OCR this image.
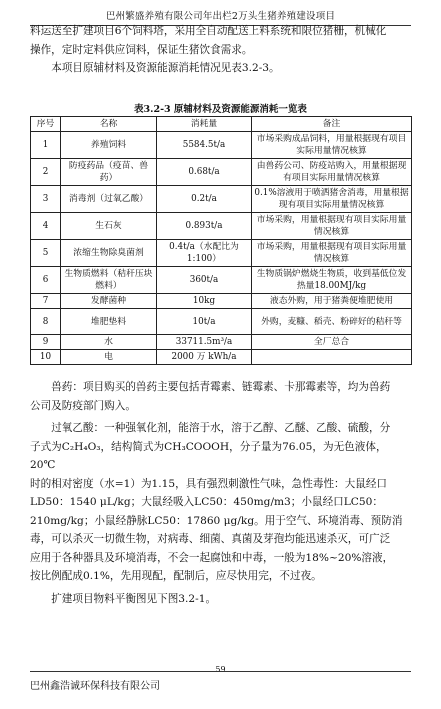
巴州繁盛养殖有限公司年出栏2万头生猪养殖建设项目

料运送至扩建项目6个饲料塔，采用全自动配送上料系统和限位猪栅，机械化

操作，定时定料供应饲料，保证生猪饮食需求。

本项目原辅材料及资源能源消耗情况见表3.2-3。

表3.2-3 原辅材料及资源能源消耗一览表
序号	名称	消耗量	备注
1	养殖饲料	5584.5t/a	市场采购成品饲料，用量根据现有项目实际用量情况核算
2	防疫药品（疫苗、兽药）	0.68t/a	由兽药公司、防疫站购入，用量根据现有项目实际用量情况核算
3	消毒剂（过氧乙酸）	0.2t/a	0.1%溶液用于喷洒猪舍消毒，用量根据现有项目实际用量情况核算
4	生石灰	0.893t/a	市场采购，用量根据现有项目实际用量情况核算
5	浓缩生物除臭菌剂	0.4t/a（水配比为1:100）	市场采购，用量根据现有项目实际用量情况核算
6	生物质燃料（秸秆压块燃料）	360t/a	生物质锅炉燃烧生物质，收到基低位发热量18.00MJ/kg
7	发酵菌种	10kg	液态外购，用于猪粪便堆肥使用
8	堆肥垫料	10t/a	外购，麦糠、稻壳、粉碎好的秸秆等
9	水	33711.5m³/a	全厂总合
10	电	2000 万 kWh/a	

兽药：项目购买的兽药主要包括青霉素、链霉素、卡那霉素等，均为兽药

公司及防疫部门购入。

过氧乙酸：一种强氧化剂，能溶于水，溶于乙醇、乙醚、乙酸、硫酸，分

子式为C₂H₄O₃，结构简式为CH₃COOOH，分子量为76.05，为无色液体，20℃

时的相对密度（水=1）为1.15，具有强烈刺激性气味，急性毒性：大鼠经口

LD50：1540 μL/kg；大鼠经吸入LC50：450mg/m3；小鼠经口LC50：

210mg/kg；小鼠经静脉LC50：17860 μg/kg。用于空气、环境消毒、预防消

毒，可以杀灭一切微生物，对病毒、细菌、真菌及芽孢均能迅速杀灭，可广泛

应用于各种器具及环境消毒，不会一起腐蚀和中毒，一般为18%~20%溶液，

按比例配成0.1%，先用现配，配制后，应尽快用完，不过夜。

扩建项目物料平衡图见下图3.2-1。

59
巴州鑫浩诚环保科技有限公司
